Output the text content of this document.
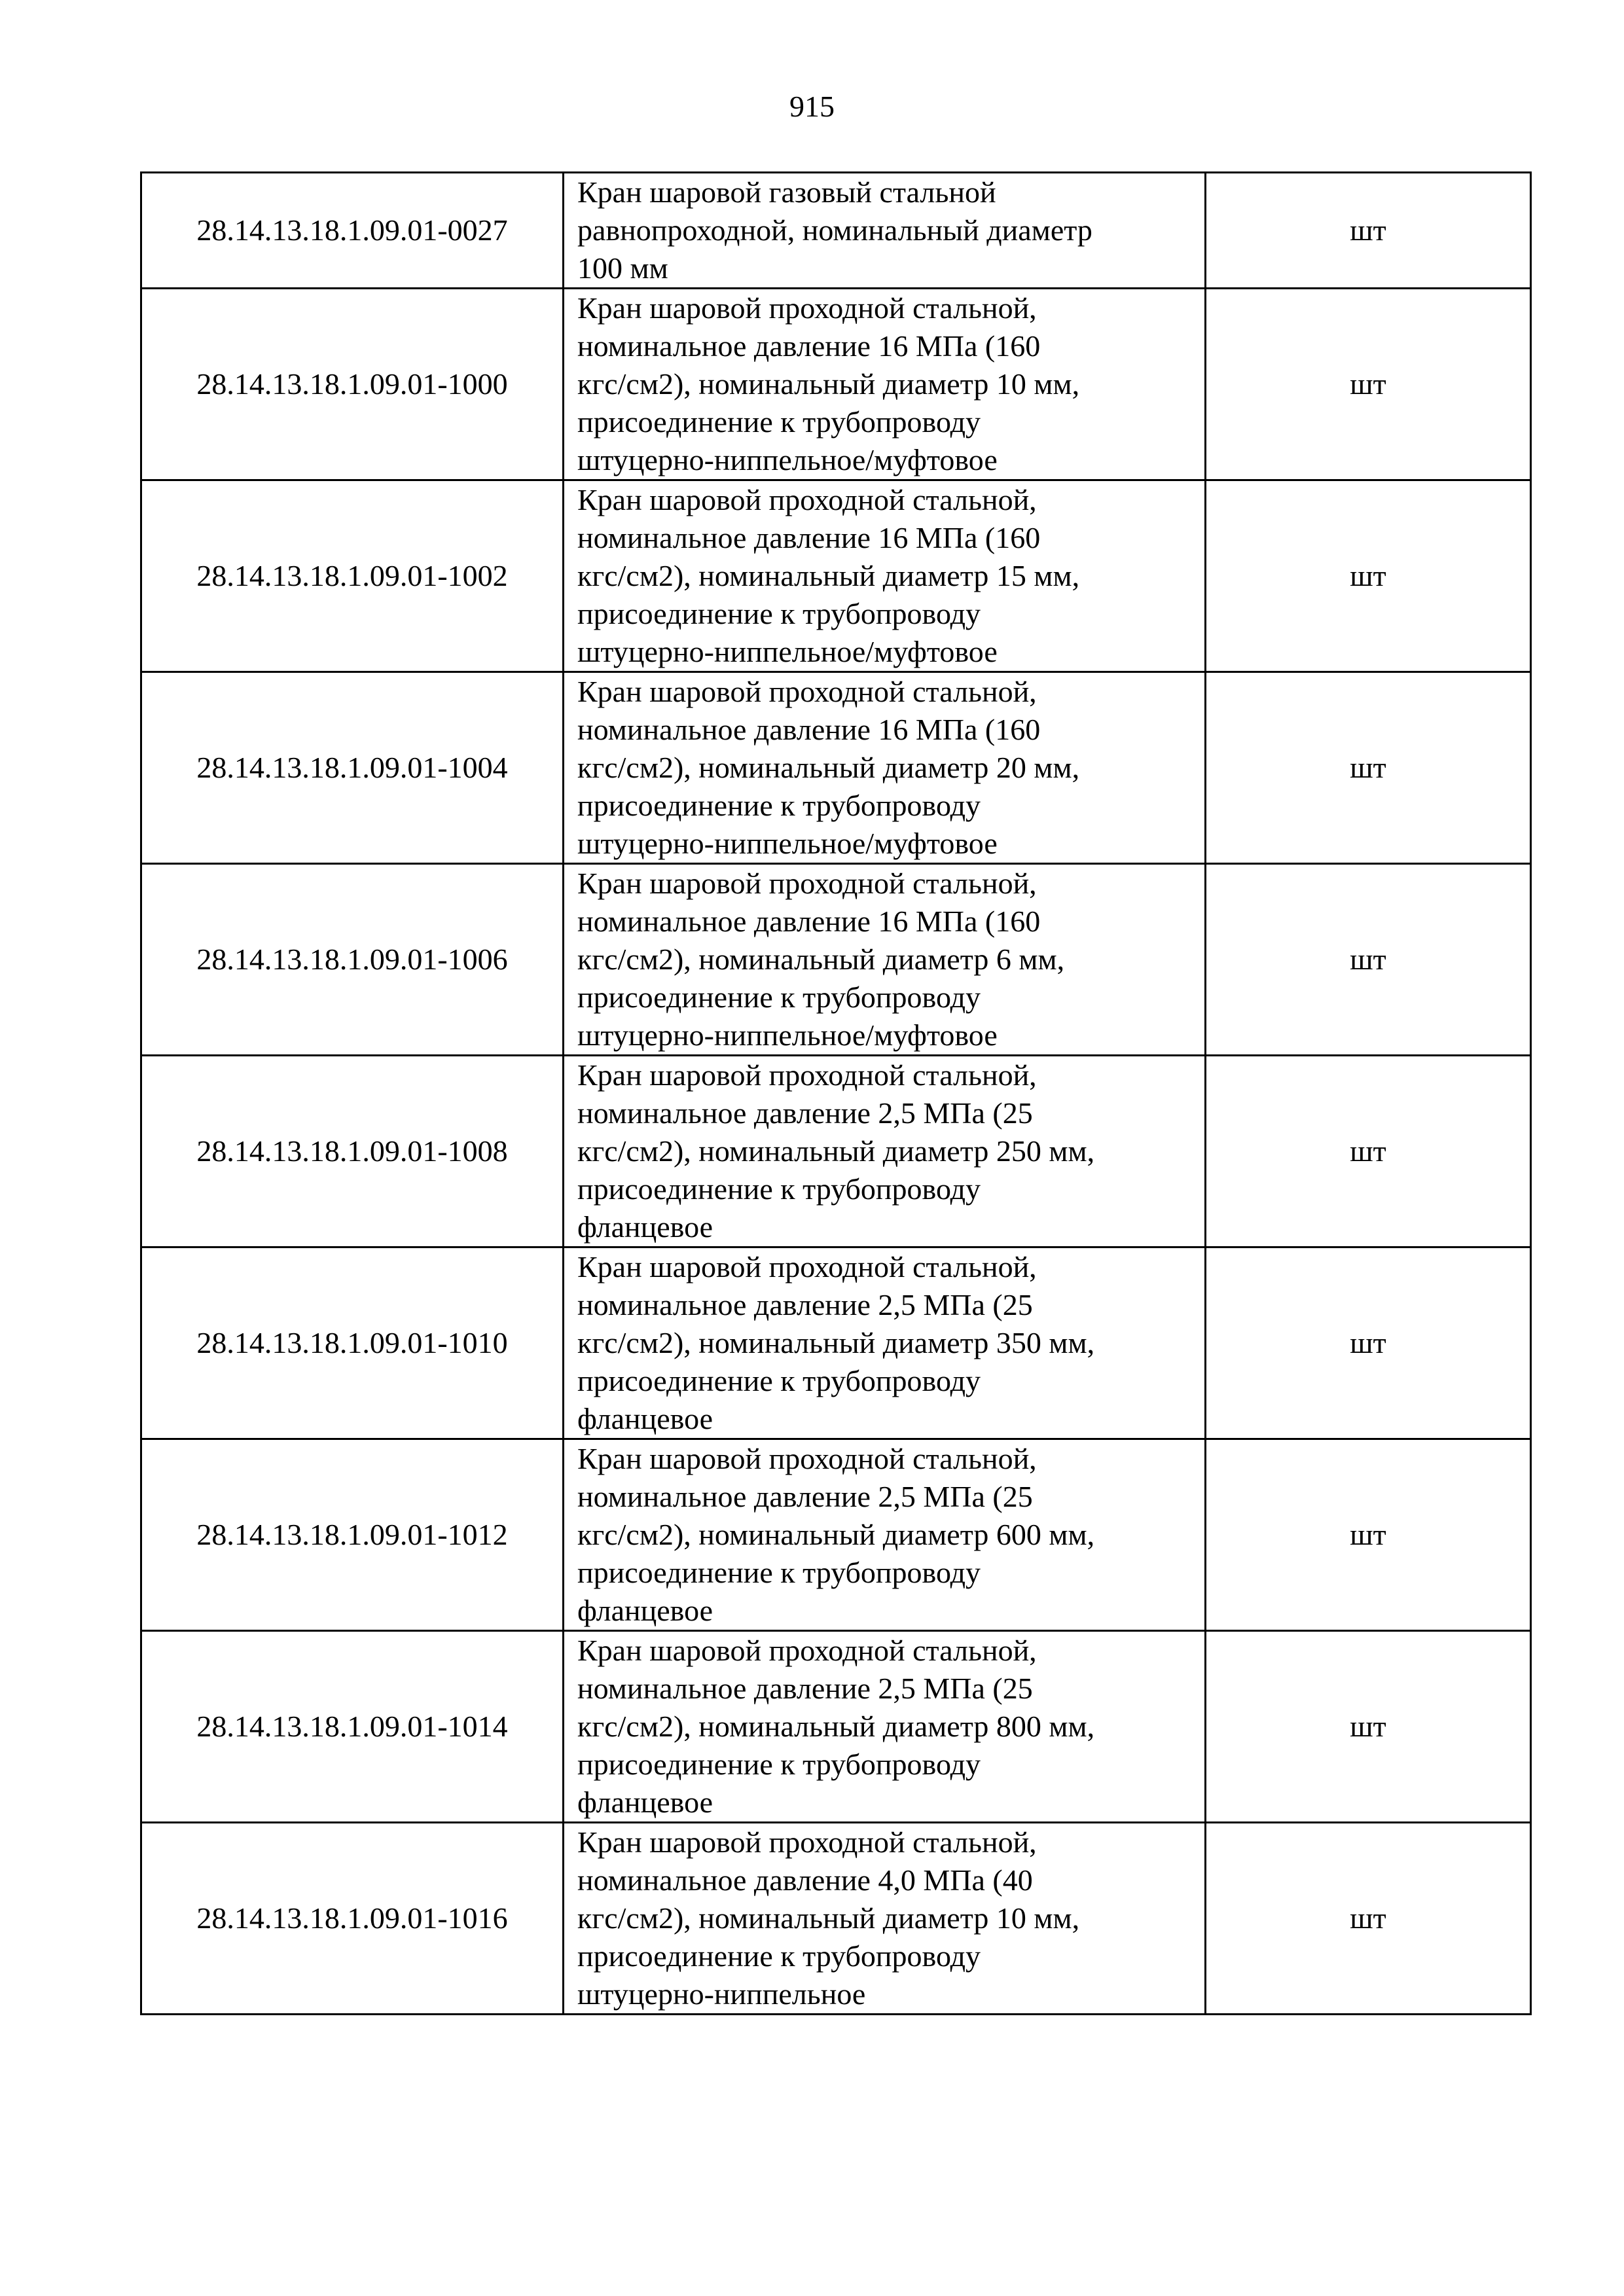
915
28.14.13.18.1.09.01-0027	Кран шаровой газовый стальной
равнопроходной, номинальный диаметр
100 мм	шт
28.14.13.18.1.09.01-1000	Кран шаровой проходной стальной,
номинальное давление 16 МПа (160
кгс/см2), номинальный диаметр 10 мм,
присоединение к трубопроводу
штуцерно-ниппельное/муфтовое	шт
28.14.13.18.1.09.01-1002	Кран шаровой проходной стальной,
номинальное давление 16 МПа (160
кгс/см2), номинальный диаметр 15 мм,
присоединение к трубопроводу
штуцерно-ниппельное/муфтовое	шт
28.14.13.18.1.09.01-1004	Кран шаровой проходной стальной,
номинальное давление 16 МПа (160
кгс/см2), номинальный диаметр 20 мм,
присоединение к трубопроводу
штуцерно-ниппельное/муфтовое	шт
28.14.13.18.1.09.01-1006	Кран шаровой проходной стальной,
номинальное давление 16 МПа (160
кгс/см2), номинальный диаметр 6 мм,
присоединение к трубопроводу
штуцерно-ниппельное/муфтовое	шт
28.14.13.18.1.09.01-1008	Кран шаровой проходной стальной,
номинальное давление 2,5 МПа (25
кгс/см2), номинальный диаметр 250 мм,
присоединение к трубопроводу
фланцевое	шт
28.14.13.18.1.09.01-1010	Кран шаровой проходной стальной,
номинальное давление 2,5 МПа (25
кгс/см2), номинальный диаметр 350 мм,
присоединение к трубопроводу
фланцевое	шт
28.14.13.18.1.09.01-1012	Кран шаровой проходной стальной,
номинальное давление 2,5 МПа (25
кгс/см2), номинальный диаметр 600 мм,
присоединение к трубопроводу
фланцевое	шт
28.14.13.18.1.09.01-1014	Кран шаровой проходной стальной,
номинальное давление 2,5 МПа (25
кгс/см2), номинальный диаметр 800 мм,
присоединение к трубопроводу
фланцевое	шт
28.14.13.18.1.09.01-1016	Кран шаровой проходной стальной,
номинальное давление 4,0 МПа (40
кгс/см2), номинальный диаметр 10 мм,
присоединение к трубопроводу
штуцерно-ниппельное	шт
